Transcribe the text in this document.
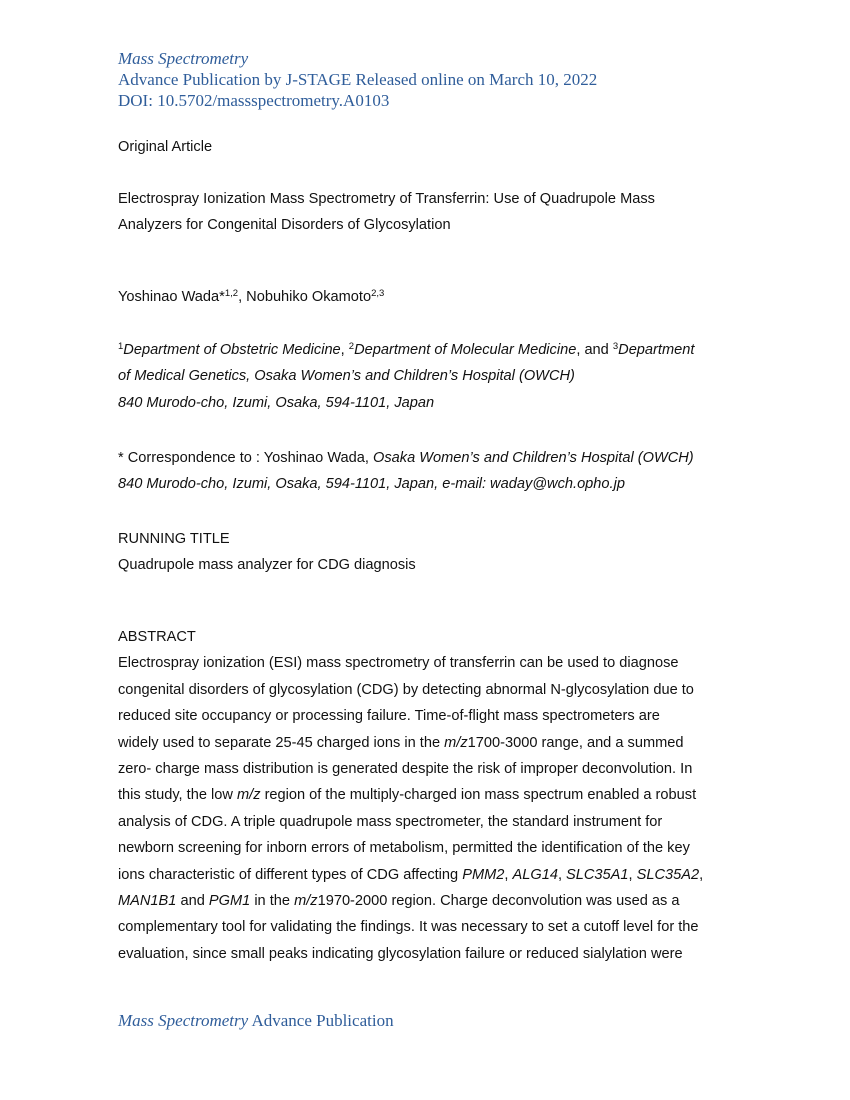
Mass Spectrometry
Advance Publication by J-STAGE Released online on March 10, 2022
DOI: 10.5702/massspectrometry.A0103
Original Article
Electrospray Ionization Mass Spectrometry of Transferrin: Use of Quadrupole Mass
Analyzers for Congenital Disorders of Glycosylation
Yoshinao Wada*$^{1,2}$, Nobuhiko Okamoto$^{2,3}$
$^1$Department of Obstetric Medicine, $^2$Department of Molecular Medicine, and $^3$Department
of Medical Genetics, Osaka Women’s and Children’s Hospital (OWCH)
840 Murodo-cho, Izumi, Osaka, 594-1101, Japan
* Correspondence to : Yoshinao Wada, Osaka Women’s and Children’s Hospital (OWCH)
840 Murodo-cho, Izumi, Osaka, 594-1101, Japan, e-mail: waday@wch.opho.jp
RUNNING TITLE
Quadrupole mass analyzer for CDG diagnosis
ABSTRACT
Electrospray ionization (ESI) mass spectrometry of transferrin can be used to diagnose
congenital disorders of glycosylation (CDG) by detecting abnormal N-glycosylation due to
reduced site occupancy or processing failure. Time-of-flight mass spectrometers are
widely used to separate 25-45 charged ions in the m/z1700-3000 range, and a summed
zero- charge mass distribution is generated despite the risk of improper deconvolution. In
this study, the low m/z region of the multiply-charged ion mass spectrum enabled a robust
analysis of CDG. A triple quadrupole mass spectrometer, the standard instrument for
newborn screening for inborn errors of metabolism, permitted the identification of the key
ions characteristic of different types of CDG affecting PMM2, ALG14, SLC35A1, SLC35A2,
MAN1B1 and PGM1 in the m/z1970-2000 region. Charge deconvolution was used as a
complementary tool for validating the findings. It was necessary to set a cutoff level for the
evaluation, since small peaks indicating glycosylation failure or reduced sialylation were
Mass Spectrometry Advance Publication
